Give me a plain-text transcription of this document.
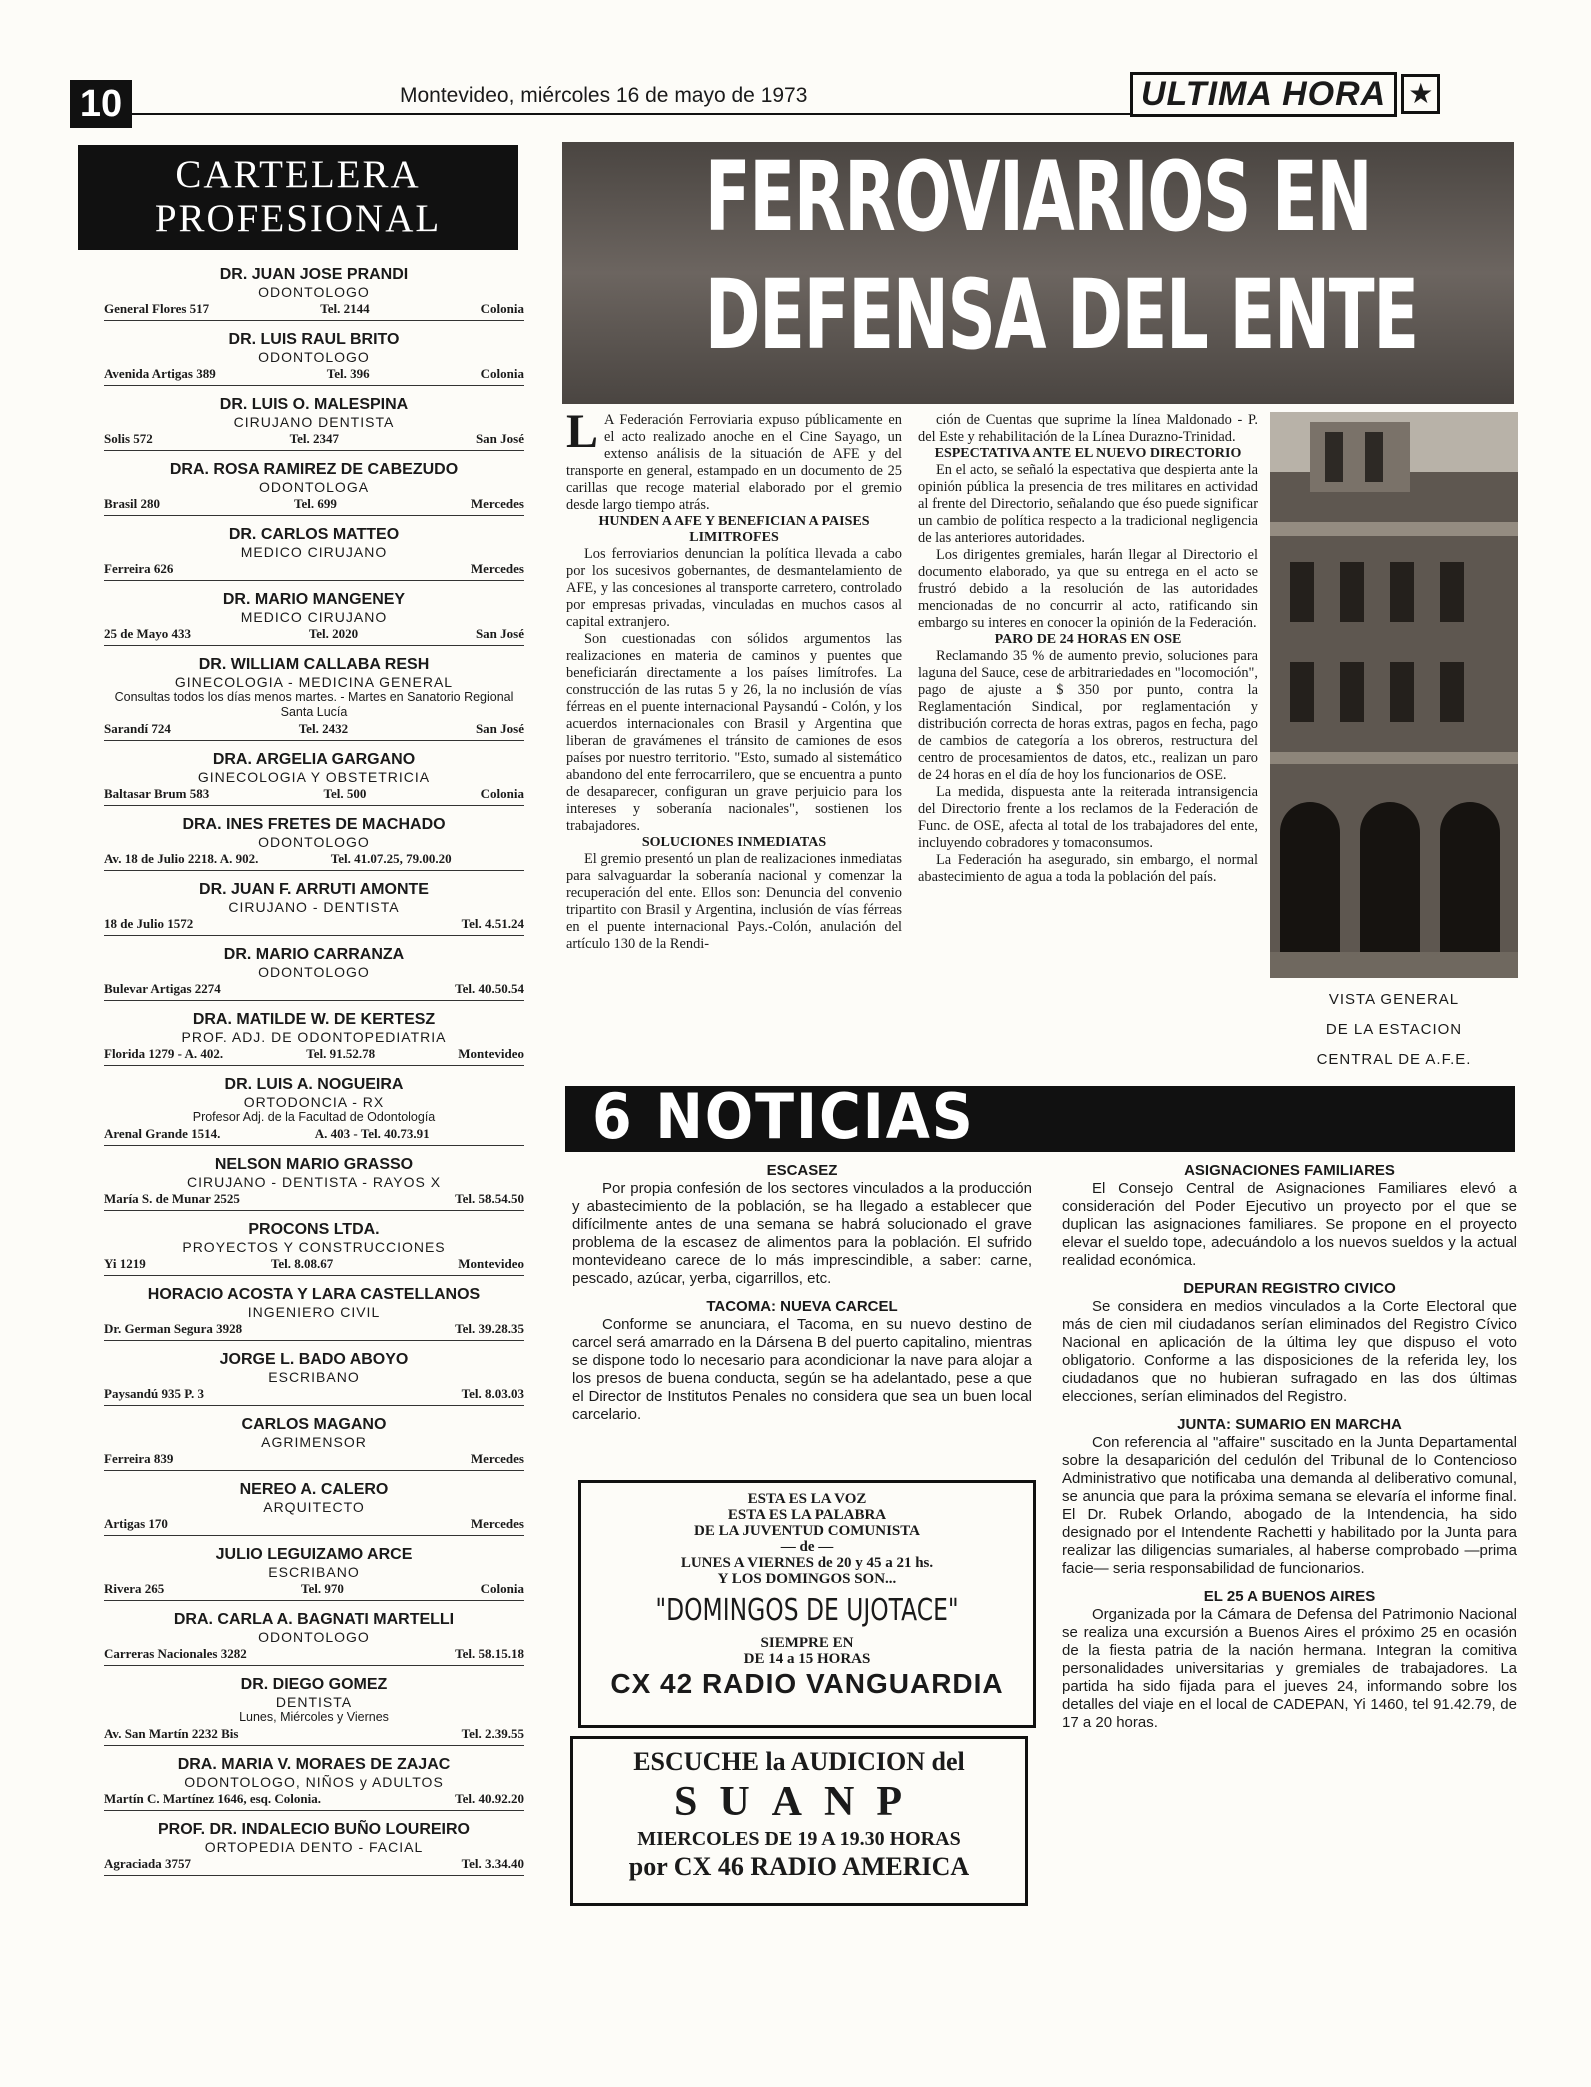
10	Montevideo, miércoles 16 de mayo de 1973	ULTIMA HORA ★
CARTELERA
PROFESIONAL
DR. JUAN JOSE PRANDI
ODONTOLOGO
General Flores 517	Tel. 2144	Colonia
DR. LUIS RAUL BRITO
ODONTOLOGO
Avenida Artigas 389	Tel. 396	Colonia
DR. LUIS O. MALESPINA
CIRUJANO DENTISTA
Solis 572	Tel. 2347	San José
DRA. ROSA RAMIREZ DE CABEZUDO
ODONTOLOGA
Brasil 280	Tel. 699	Mercedes
DR. CARLOS MATTEO
MEDICO CIRUJANO
Ferreira 626	Mercedes
DR. MARIO MANGENEY
MEDICO CIRUJANO
25 de Mayo 433	Tel. 2020	San José
DR. WILLIAM CALLABA RESH
GINECOLOGIA - MEDICINA GENERAL
Consultas todos los días menos martes. - Martes en Sanatorio Regional Santa Lucía
Sarandí 724	Tel. 2432	San José
DRA. ARGELIA GARGANO
GINECOLOGIA Y OBSTETRICIA
Baltasar Brum 583	Tel. 500	Colonia
DRA. INES FRETES DE MACHADO
ODONTOLOGO
Av. 18 de Julio 2218. A. 902.	Tel. 41.07.25, 79.00.20
DR. JUAN F. ARRUTI AMONTE
CIRUJANO - DENTISTA
18 de Julio 1572	Tel. 4.51.24
DR. MARIO CARRANZA
ODONTOLOGO
Bulevar Artigas 2274	Tel. 40.50.54
DRA. MATILDE W. DE KERTESZ
PROF. ADJ. DE ODONTOPEDIATRIA
Florida 1279 - A. 402.	Tel. 91.52.78	Montevideo
DR. LUIS A. NOGUEIRA
ORTODONCIA - RX
Profesor Adj. de la Facultad de Odontología
Arenal Grande 1514.	A. 403 - Tel. 40.73.91
NELSON MARIO GRASSO
CIRUJANO - DENTISTA - RAYOS X
María S. de Munar 2525	Tel. 58.54.50
PROCONS LTDA.
PROYECTOS Y CONSTRUCCIONES
Yi 1219	Tel. 8.08.67	Montevideo
HORACIO ACOSTA Y LARA CASTELLANOS
INGENIERO CIVIL
Dr. German Segura 3928	Tel. 39.28.35
JORGE L. BADO ABOYO
ESCRIBANO
Paysandú 935 P. 3	Tel. 8.03.03
CARLOS MAGANO
AGRIMENSOR
Ferreira 839	Mercedes
NEREO A. CALERO
ARQUITECTO
Artigas 170	Mercedes
JULIO LEGUIZAMO ARCE
ESCRIBANO
Rivera 265	Tel. 970	Colonia
DRA. CARLA A. BAGNATI MARTELLI
ODONTOLOGO
Carreras Nacionales 3282	Tel. 58.15.18
DR. DIEGO GOMEZ
DENTISTA
Lunes, Miércoles y Viernes
Av. San Martín 2232 Bis	Tel. 2.39.55
DRA. MARIA V. MORAES DE ZAJAC
ODONTOLOGO, NIÑOS y ADULTOS
Martín C. Martínez 1646, esq. Colonia.	Tel. 40.92.20
PROF. DR. INDALECIO BUÑO LOUREIRO
ORTOPEDIA DENTO - FACIAL
Agraciada 3757	Tel. 3.34.40
FERROVIARIOS EN
DEFENSA DEL ENTE
L A Federación Ferroviaria expuso públicamente en el acto realizado anoche en el Cine Sayago, un extenso análisis de la situación de AFE y del transporte en general, estampado en un documento de 25 carillas que recoge material elaborado por el gremio desde largo tiempo atrás.
HUNDEN A AFE Y BENEFICIAN A PAISES LIMITROFES
Los ferroviarios denuncian la política llevada a cabo por los sucesivos gobernantes, de desmantelamiento de AFE, y las concesiones al transporte carretero, controlado por empresas privadas, vinculadas en muchos casos al capital extranjero.
Son cuestionadas con sólidos argumentos las realizaciones en materia de caminos y puentes que beneficiarán directamente a los países limítrofes. La construcción de las rutas 5 y 26, la no inclusión de vías férreas en el puente internacional Paysandú - Colón, y los acuerdos internacionales con Brasil y Argentina que liberan de gravámenes el tránsito de camiones de esos países por nuestro territorio. "Esto, sumado al sistemático abandono del ente ferrocarrilero, que se encuentra a punto de desaparecer, configuran un grave perjuicio para los intereses y soberanía nacionales", sostienen los trabajadores.
SOLUCIONES INMEDIATAS
El gremio presentó un plan de realizaciones inmediatas para salvaguardar la soberanía nacional y comenzar la recuperación del ente. Ellos son: Denuncia del convenio tripartito con Brasil y Argentina, inclusión de vías férreas en el puente internacional Pays.-Colón, anulación del artículo 130 de la Rendi-
ción de Cuentas que suprime la línea Maldonado - P. del Este y rehabilitación de la Línea Durazno-Trinidad.
ESPECTATIVA ANTE EL NUEVO DIRECTORIO
En el acto, se señaló la espectativa que despierta ante la opinión pública la presencia de tres militares en actividad al frente del Directorio, señalando que éso puede significar un cambio de política respecto a la tradicional negligencia de las anteriores autoridades.
Los dirigentes gremiales, harán llegar al Directorio el documento elaborado, ya que su entrega en el acto se frustró debido a la resolución de las autoridades mencionadas de no concurrir al acto, ratificando sin embargo su interes en conocer la opinión de la Federación.
PARO DE 24 HORAS EN OSE
Reclamando 35 % de aumento previo, soluciones para laguna del Sauce, cese de arbitrariedades en "locomoción", pago de ajuste a $ 350 por punto, contra la Reglamentación Sindical, por reglamentación y distribución correcta de horas extras, pagos en fecha, pago de cambios de categoría a los obreros, restructura del centro de procesamientos de datos, etc., realizan un paro de 24 horas en el día de hoy los funcionarios de OSE.
La medida, dispuesta ante la reiterada intransigencia del Directorio frente a los reclamos de la Federación de Func. de OSE, afecta al total de los trabajadores del ente, incluyendo cobradores y tomaconsumos.
La Federación ha asegurado, sin embargo, el normal abastecimiento de agua a toda la población del país.
VISTA GENERAL
DE LA ESTACION
CENTRAL DE A.F.E.
6 NOTICIAS
ESCASEZ

Por propia confesión de los sectores vinculados a la producción y abastecimiento de la población, se ha llegado a establecer que difícilmente antes de una semana se habrá solucionado el grave problema de la escasez de alimentos para la población. El sufrido montevideano carece de lo más imprescindible, a saber: carne, pescado, azúcar, yerba, cigarrillos, etc.

TACOMA: NUEVA CARCEL

Conforme se anunciara, el Tacoma, en su nuevo destino de carcel será amarrado en la Dársena B del puerto capitalino, mientras se dispone todo lo necesario para acondicionar la nave para alojar a los presos de buena conducta, según se ha adelantado, pese a que el Director de Institutos Penales no considera que sea un buen local carcelario.

ASIGNACIONES FAMILIARES

El Consejo Central de Asignaciones Familiares elevó a consideración del Poder Ejecutivo un proyecto por el que se duplican las asignaciones familiares. Se propone en el proyecto elevar el sueldo tope, adecuándolo a los nuevos sueldos y la actual realidad económica.

DEPURAN REGISTRO CIVICO

Se considera en medios vinculados a la Corte Electoral que más de cien mil ciudadanos serían eliminados del Registro Cívico Nacional en aplicación de la última ley que dispuso el voto obligatorio. Conforme a las disposiciones de la referida ley, los ciudadanos que no hubieran sufragado en las dos últimas elecciones, serían eliminados del Registro.

JUNTA: SUMARIO EN MARCHA

Con referencia al "affaire" suscitado en la Junta Departamental sobre la desaparición del cedulón del Tribunal de lo Contencioso Administrativo que notificaba una demanda al deliberativo comunal, se anuncia que para la próxima semana se elevaría el informe final. El Dr. Rubek Orlando, abogado de la Intendencia, ha sido designado por el Intendente Rachetti y habilitado por la Junta para realizar las diligencias sumariales, al haberse comprobado —prima facie— seria responsabilidad de funcionarios.

EL 25 A BUENOS AIRES

Organizada por la Cámara de Defensa del Patrimonio Nacional se realiza una excursión a Buenos Aires el próximo 25 en ocasión de la fiesta patria de la nación hermana. Integran la comitiva personalidades universitarias y gremiales de trabajadores. La partida ha sido fijada para el jueves 24, informando sobre los detalles del viaje en el local de CADEPAN, Yi 1460, tel 91.42.79, de 17 a 20 horas.

ESTA ES LA VOZ
ESTA ES LA PALABRA
DE LA JUVENTUD COMUNISTA
— de —
LUNES A VIERNES de 20 y 45 a 21 hs.
Y LOS DOMINGOS SON...
"DOMINGOS DE UJOTACE"
SIEMPRE EN
DE 14 a 15 HORAS
CX 42 RADIO VANGUARDIA
ESCUCHE la AUDICION del
SUANP
MIERCOLES DE 19 A 19.30 HORAS
por CX 46 RADIO AMERICA
